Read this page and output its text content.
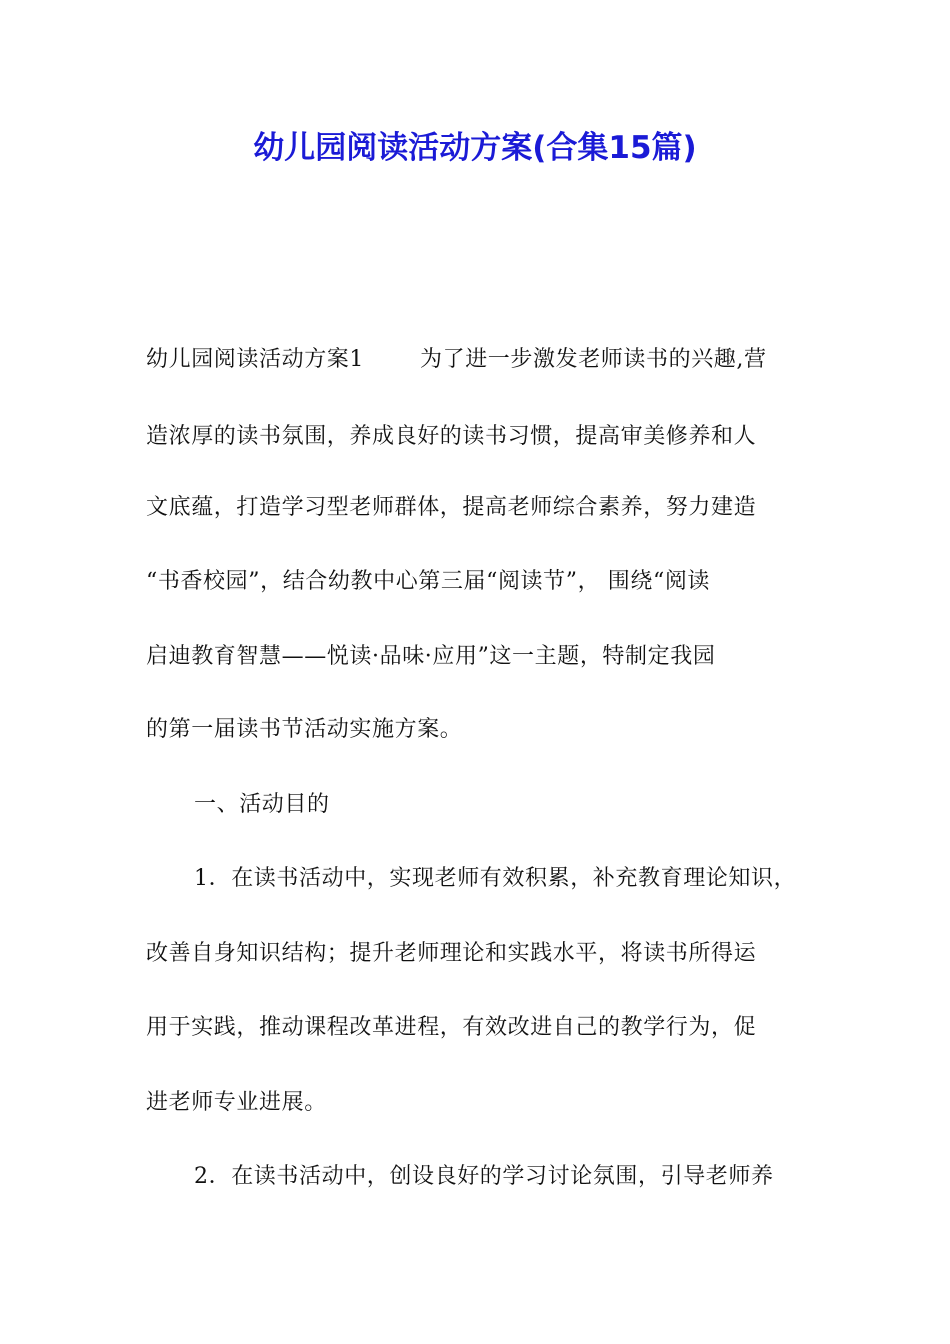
幼儿园阅读活动方案(合集15篇)
幼儿园阅读活动方案1	为了进一步激发老师读书的兴趣,营
造浓厚的读书氛围，养成良好的读书习惯，提高审美修养和人
文底蕴，打造学习型老师群体，提高老师综合素养，努力建造
“书香校园”，结合幼教中心第三届“阅读节”， 围绕“阅读
启迪教育智慧——悦读·品味·应用”这一主题，特制定我园
的第一届读书节活动实施方案。
一、活动目的
1．在读书活动中，实现老师有效积累，补充教育理论知识，
改善自身知识结构；提升老师理论和实践水平，将读书所得运
用于实践，推动课程改革进程，有效改进自己的教学行为，促
进老师专业进展。
2．在读书活动中，创设良好的学习讨论氛围，引导老师养
